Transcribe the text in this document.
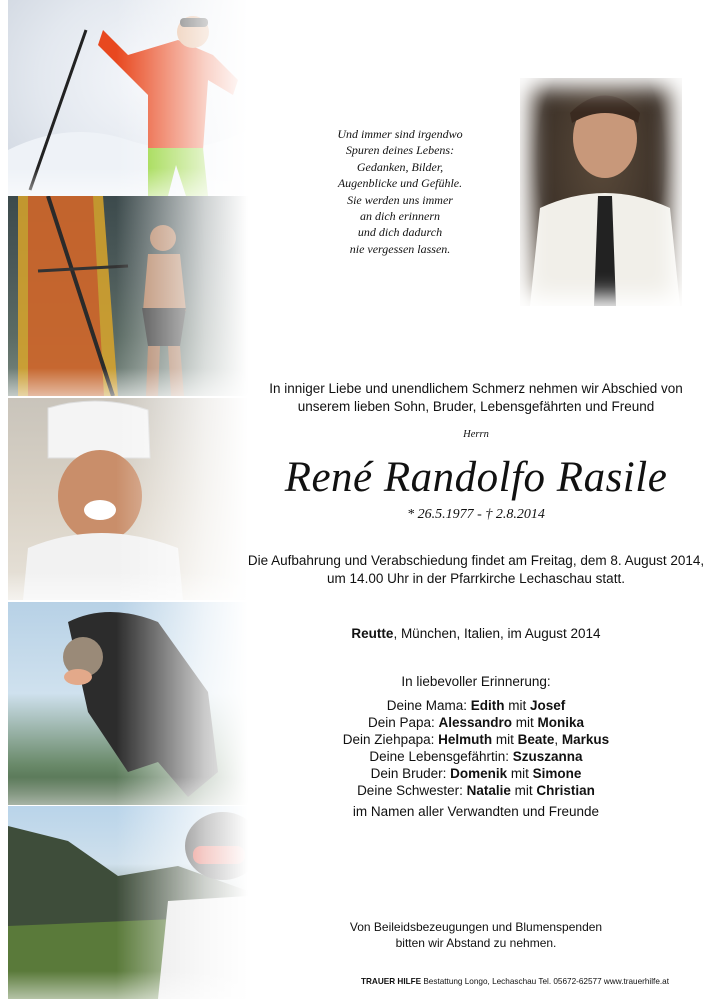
Und immer sind irgendwo
Spuren deines Lebens:
Gedanken, Bilder,
Augenblicke und Gefühle.
Sie werden uns immer
an dich erinnern
und dich dadurch
nie vergessen lassen.
In inniger Liebe und unendlichem Schmerz nehmen wir Abschied von
unserem lieben Sohn, Bruder, Lebensgefährten und Freund
Herrn
René Randolfo Rasile
* 26.5.1977 - † 2.8.2014
Die Aufbahrung und Verabschiedung findet am Freitag, dem 8. August 2014,
um 14.00 Uhr in der Pfarrkirche Lechaschau statt.
Reutte, München, Italien, im August 2014
In liebevoller Erinnerung:
Deine Mama: Edith mit Josef
Dein Papa: Alessandro mit Monika
Dein Ziehpapa: Helmuth mit Beate, Markus
Deine Lebensgefährtin: Szuszanna
Dein Bruder: Domenik mit Simone
Deine Schwester: Natalie mit Christian
im Namen aller Verwandten und Freunde
Von Beileidsbezeugungen und Blumenspenden
bitten wir Abstand zu nehmen.
TRAUER HILFE Bestattung Longo, Lechaschau Tel. 05672-62577 www.trauerhilfe.at
